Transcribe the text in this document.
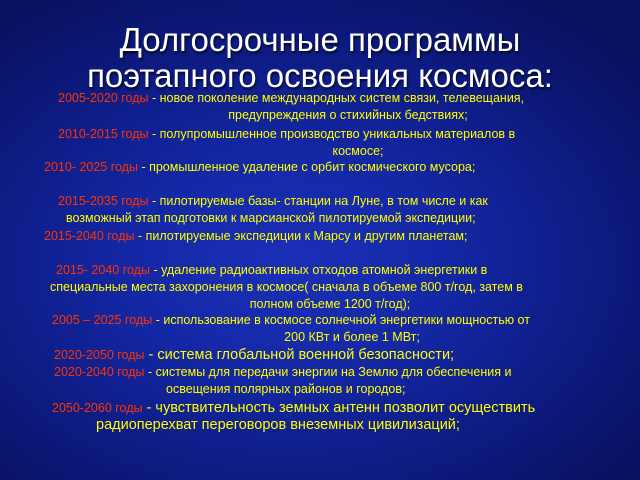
Долгосрочные программы
поэтапного освоения космоса:
2005-2020 годы - новое поколение международных систем связи, телевещания,
предупреждения о стихийных бедствиях;
2010-2015 годы - полупромышленное производство уникальных материалов в
космосе;
2010- 2025 годы - промышленное удаление с орбит космического мусора;
2015-2035 годы - пилотируемые базы- станции на Луне, в том числе и как
возможный этап подготовки к марсианской пилотируемой экспедиции;
2015-2040 годы - пилотируемые экспедиции к Марсу и другим планетам;
2015- 2040 годы - удаление радиоактивных отходов атомной энергетики в
специальные места захоронения в космосе( сначала в объеме 800 т/год, затем в
полном объеме 1200 т/год);
2005 – 2025 годы - использование в космосе солнечной энергетики мощностью от
200 КВт и более 1 МВт;
2020-2050 годы - система глобальной военной безопасности;
2020-2040 годы - системы для передачи энергии на Землю для обеспечения и
освещения полярных районов и городов;
2050-2060 годы - чувствительность земных антенн позволит осуществить
радиоперехват переговоров внеземных цивилизаций;
